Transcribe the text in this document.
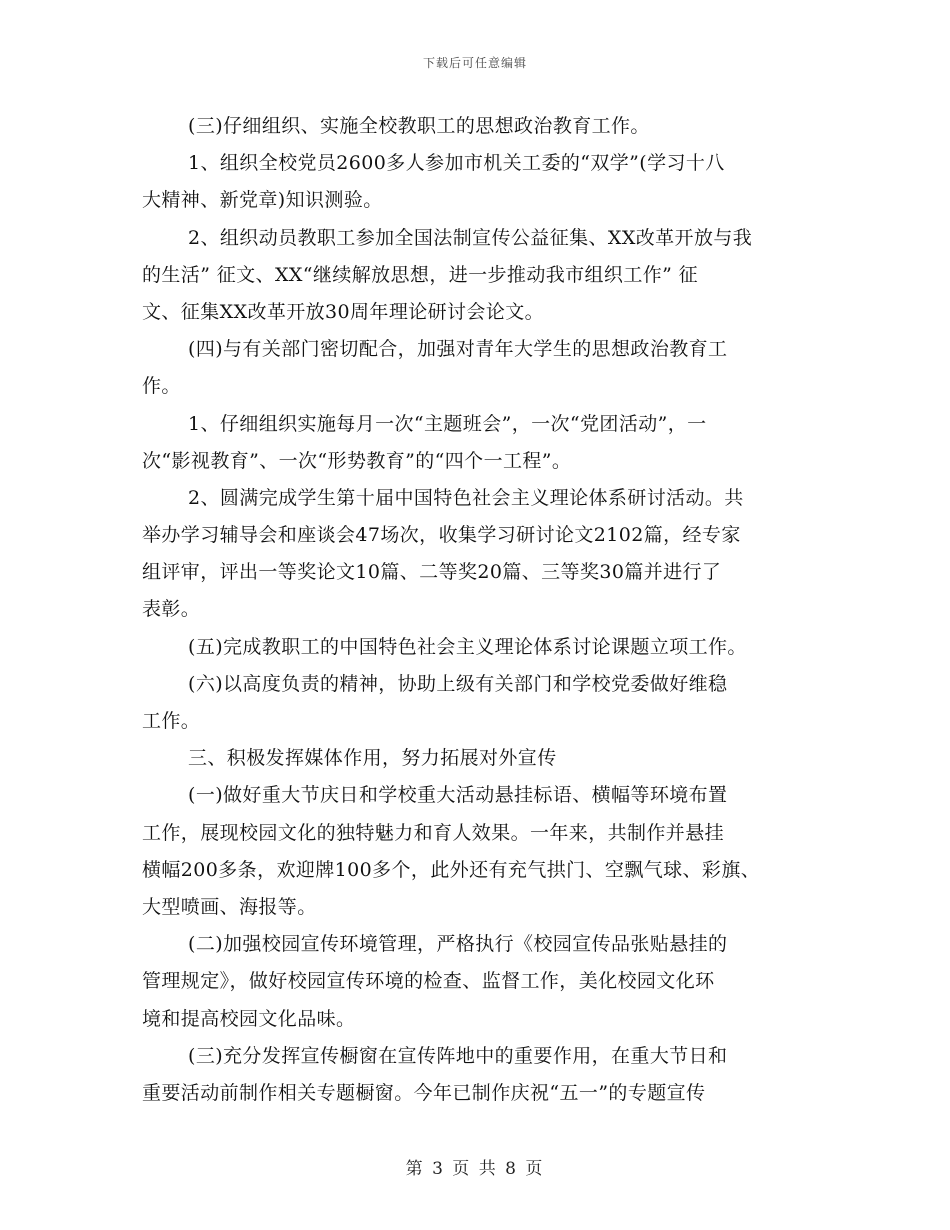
下载后可任意编辑
(三)仔细组织、实施全校教职工的思想政治教育工作。
1、组织全校党员2600多人参加市机关工委的“双学”(学习十八
大精神、新党章)知识测验。
2、组织动员教职工参加全国法制宣传公益征集、XX改革开放与我
的生活” 征文、XX“继续解放思想，进一步推动我市组织工作” 征
文、征集XX改革开放30周年理论研讨会论文。
(四)与有关部门密切配合，加强对青年大学生的思想政治教育工
作。
1、仔细组织实施每月一次“主题班会”，一次“党团活动”，一
次“影视教育”、一次“形势教育”的“四个一工程”。
2、圆满完成学生第十届中国特色社会主义理论体系研讨活动。共
举办学习辅导会和座谈会47场次，收集学习研讨论文2102篇，经专家
组评审，评出一等奖论文10篇、二等奖20篇、三等奖30篇并进行了
表彰。
(五)完成教职工的中国特色社会主义理论体系讨论课题立项工作。
(六)以高度负责的精神，协助上级有关部门和学校党委做好维稳
工作。
三、积极发挥媒体作用，努力拓展对外宣传
(一)做好重大节庆日和学校重大活动悬挂标语、横幅等环境布置
工作，展现校园文化的独特魅力和育人效果。一年来，共制作并悬挂
横幅200多条，欢迎牌100多个，此外还有充气拱门、空飘气球、彩旗、
大型喷画、海报等。
(二)加强校园宣传环境管理，严格执行《校园宣传品张贴悬挂的
管理规定》，做好校园宣传环境的检查、监督工作，美化校园文化环
境和提高校园文化品味。
(三)充分发挥宣传橱窗在宣传阵地中的重要作用，在重大节日和
重要活动前制作相关专题橱窗。今年已制作庆祝“五一”的专题宣传
第 3 页 共 8 页
